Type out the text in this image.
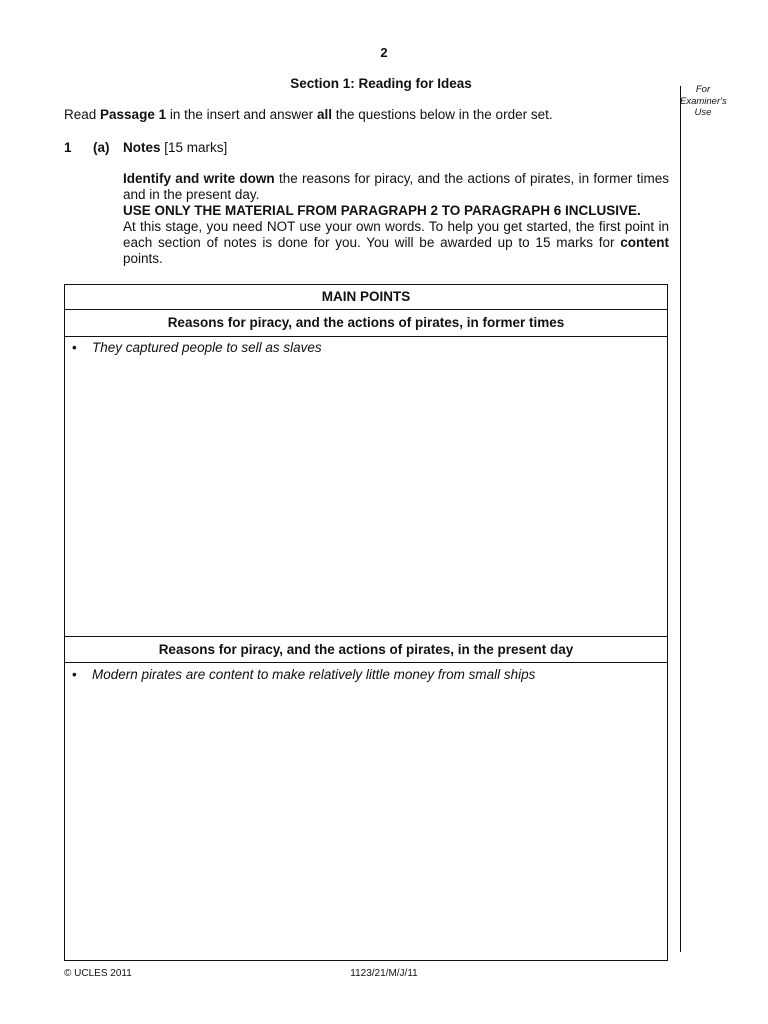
2
Section 1: Reading for Ideas
Read Passage 1 in the insert and answer all the questions below in the order set.
For
Examiner's
Use
1 (a) Notes [15 marks]
Identify and write down the reasons for piracy, and the actions of pirates, in former times and in the present day.
USE ONLY THE MATERIAL FROM PARAGRAPH 2 TO PARAGRAPH 6 INCLUSIVE.
At this stage, you need NOT use your own words. To help you get started, the first point in each section of notes is done for you. You will be awarded up to 15 marks for content points.
MAIN POINTS
Reasons for piracy, and the actions of pirates, in former times
• They captured people to sell as slaves
Reasons for piracy, and the actions of pirates, in the present day
• Modern pirates are content to make relatively little money from small ships
© UCLES 2011	1123/21/M/J/11
